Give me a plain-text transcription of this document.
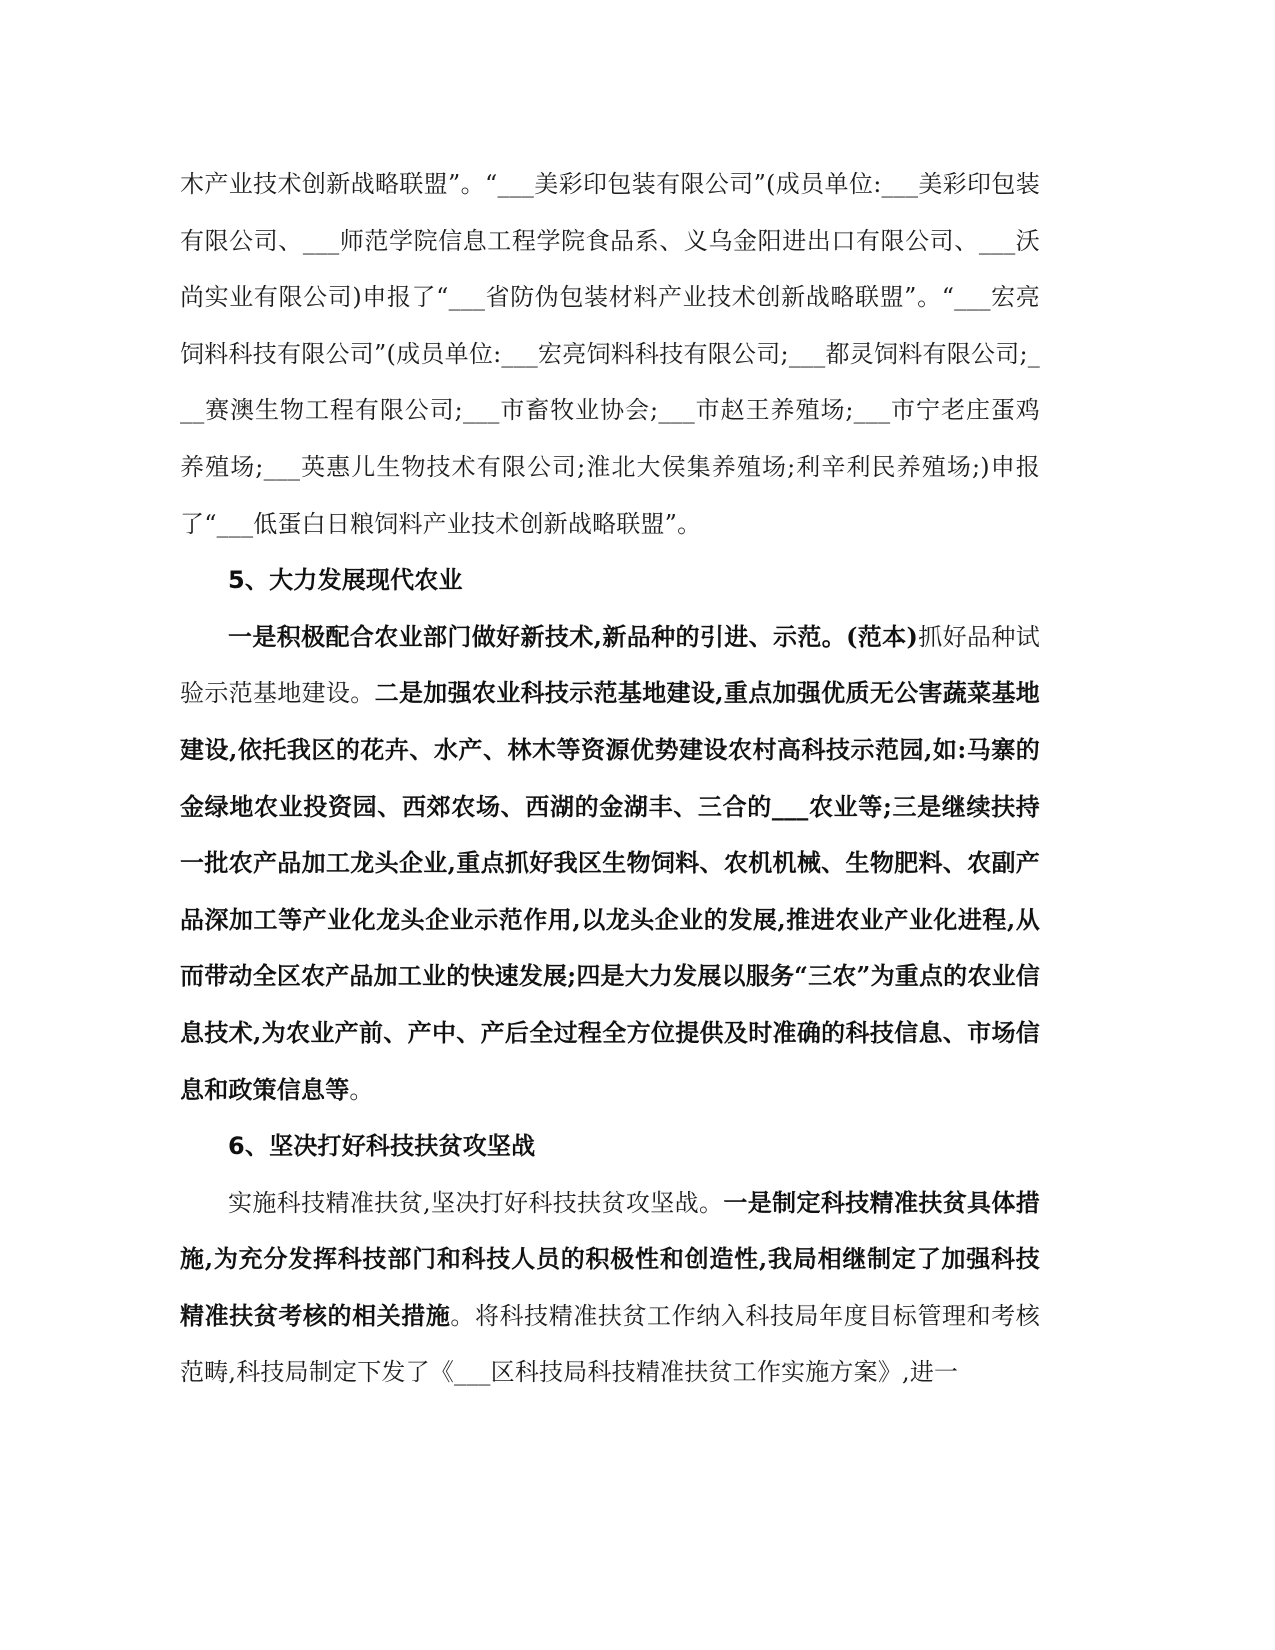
木产业技术创新战略联盟”。“___美彩印包装有限公司”(成员单位:___美彩印包装有限公司、___师范学院信息工程学院食品系、义乌金阳进出口有限公司、___沃尚实业有限公司)申报了“___省防伪包装材料产业技术创新战略联盟”。“___宏亮饲料科技有限公司”(成员单位:___宏亮饲料科技有限公司;___都灵饲料有限公司;___赛澳生物工程有限公司;___市畜牧业协会;___市赵王养殖场;___市宁老庄蛋鸡养殖场;___英惠儿生物技术有限公司;淮北大侯集养殖场;利辛利民养殖场;)申报了“___低蛋白日粮饲料产业技术创新战略联盟”。

5、大力发展现代农业

一是积极配合农业部门做好新技术,新品种的引进、示范。(范本)抓好品种试验示范基地建设。二是加强农业科技示范基地建设,重点加强优质无公害蔬菜基地建设,依托我区的花卉、水产、林木等资源优势建设农村高科技示范园,如:马寨的金绿地农业投资园、西郊农场、西湖的金湖丰、三合的___农业等;三是继续扶持一批农产品加工龙头企业,重点抓好我区生物饲料、农机机械、生物肥料、农副产品深加工等产业化龙头企业示范作用,以龙头企业的发展,推进农业产业化进程,从而带动全区农产品加工业的快速发展;四是大力发展以服务“三农”为重点的农业信息技术,为农业产前、产中、产后全过程全方位提供及时准确的科技信息、市场信息和政策信息等。

6、坚决打好科技扶贫攻坚战

实施科技精准扶贫,坚决打好科技扶贫攻坚战。一是制定科技精准扶贫具体措施,为充分发挥科技部门和科技人员的积极性和创造性,我局相继制定了加强科技精准扶贫考核的相关措施。将科技精准扶贫工作纳入科技局年度目标管理和考核范畴,科技局制定下发了《___区科技局科技精准扶贫工作实施方案》,进一
